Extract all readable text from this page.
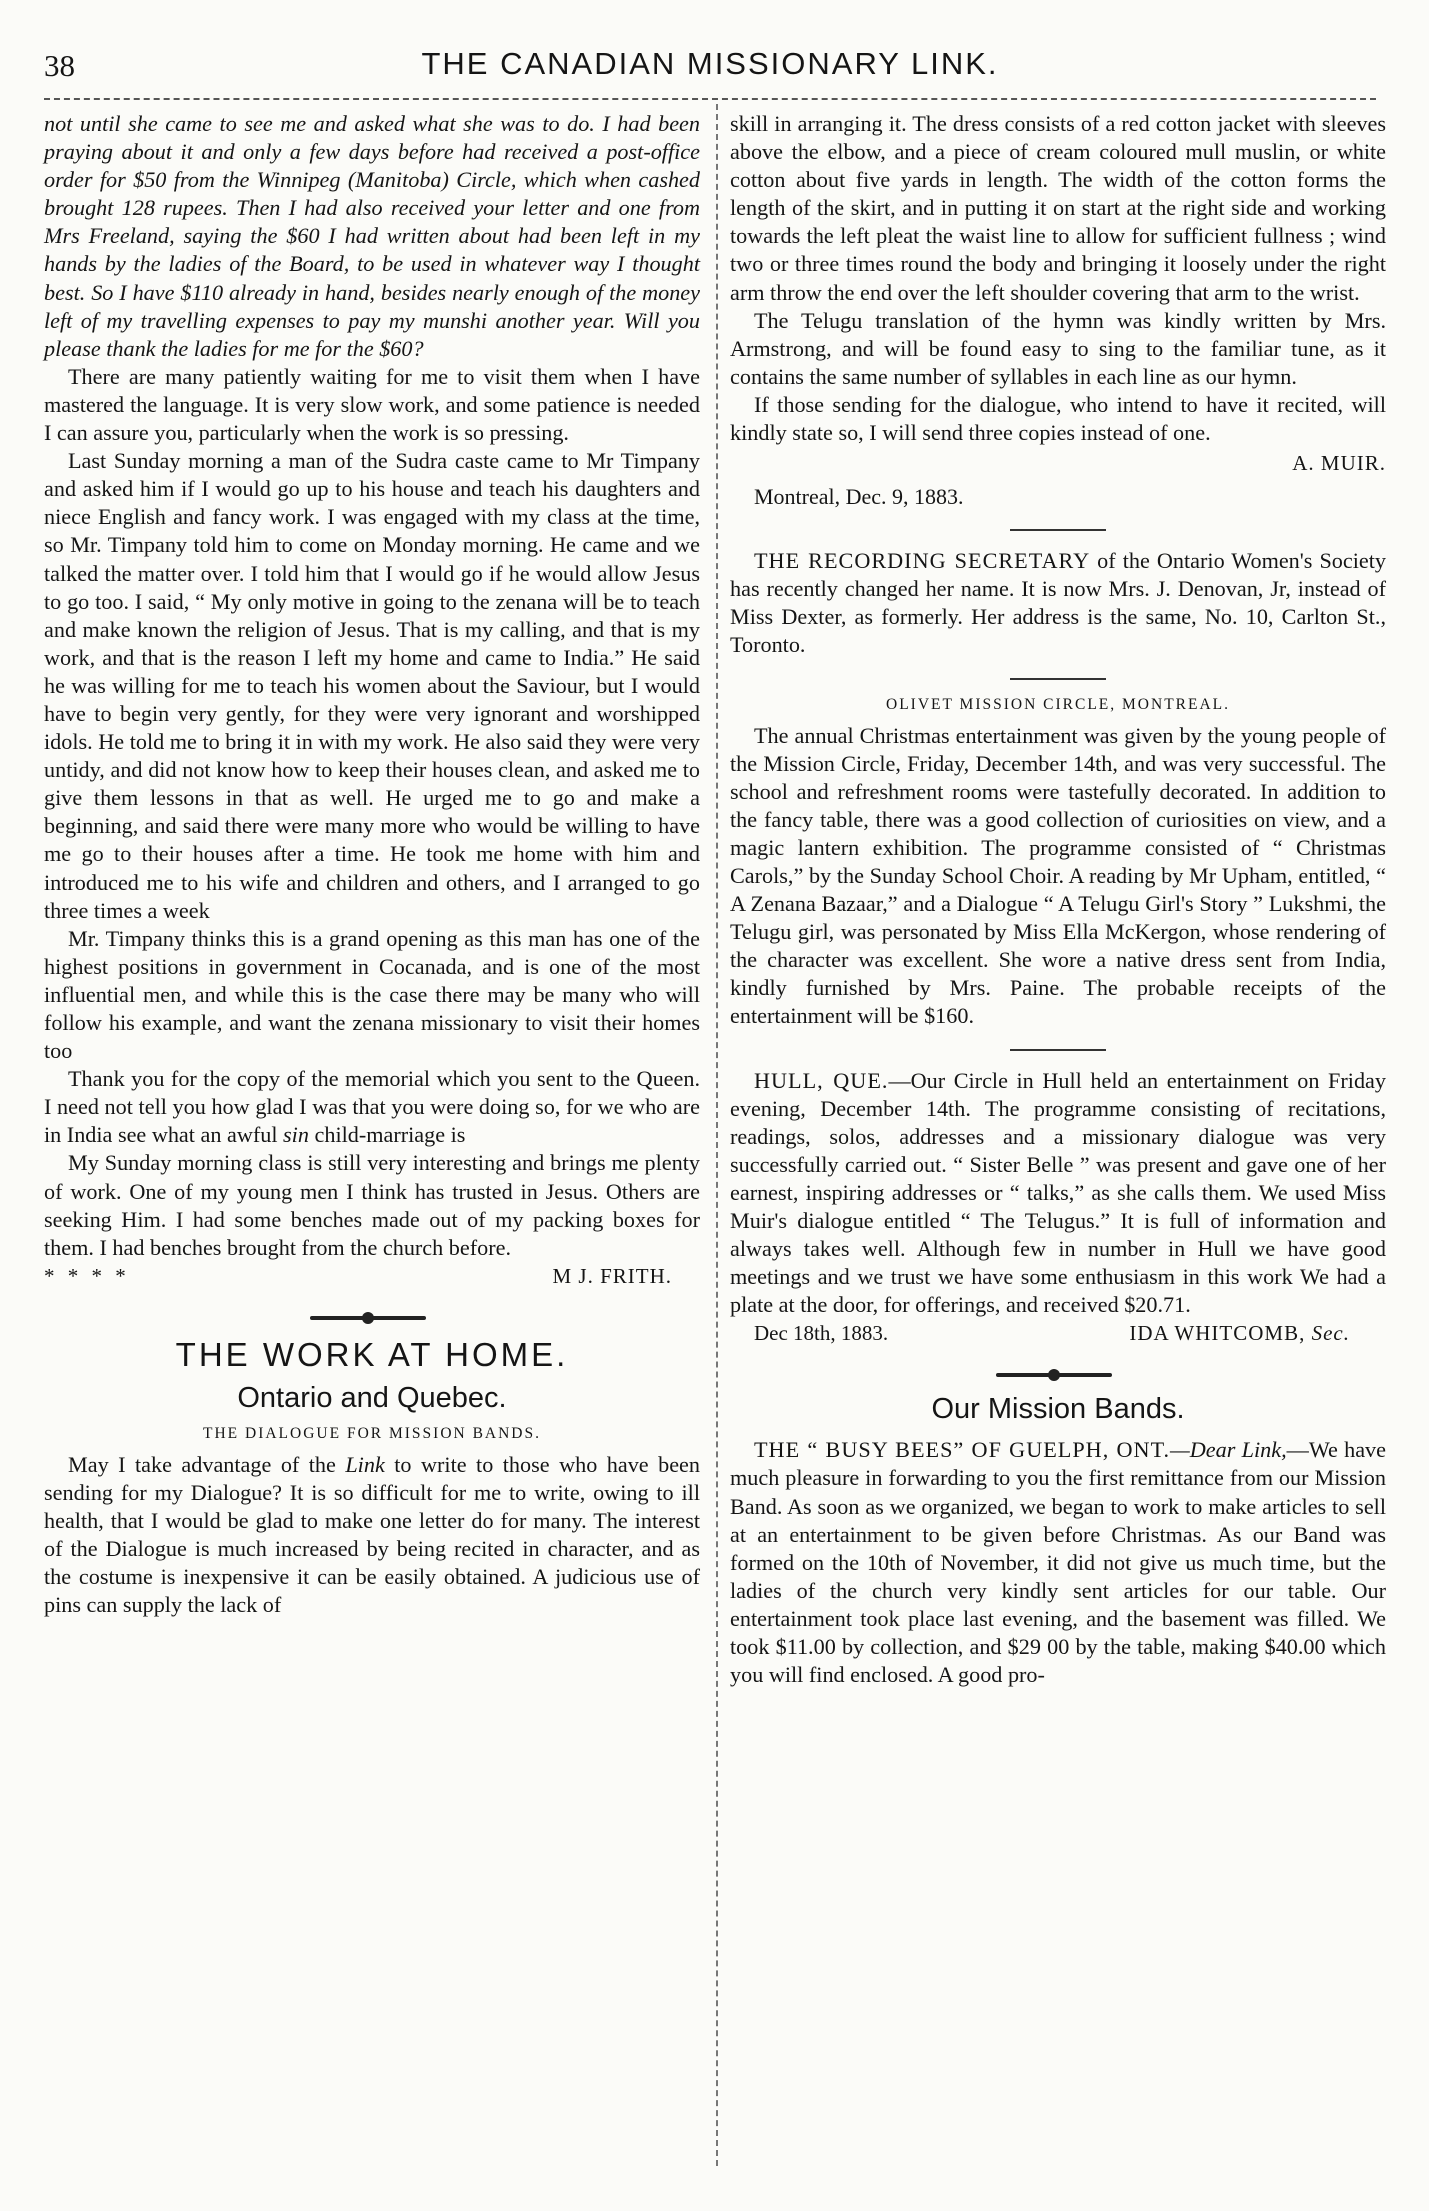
38	THE CANADIAN MISSIONARY LINK.

not until she came to see me and asked what she was to do. I had been praying about it and only a few days before had received a post-office order for $50 from the Winnipeg (Manitoba) Circle, which when cashed brought 128 rupees. Then I had also received your letter and one from Mrs Freeland, saying the $60 I had written about had been left in my hands by the ladies of the Board, to be used in whatever way I thought best. So I have $110 already in hand, besides nearly enough of the money left of my travelling expenses to pay my munshi another year. Will you please thank the ladies for me for the $60?

There are many patiently waiting for me to visit them when I have mastered the language. It is very slow work, and some patience is needed I can assure you, particularly when the work is so pressing.

Last Sunday morning a man of the Sudra caste came to Mr Timpany and asked him if I would go up to his house and teach his daughters and niece English and fancy work. I was engaged with my class at the time, so Mr. Timpany told him to come on Monday morning. He came and we talked the matter over. I told him that I would go if he would allow Jesus to go too. I said, “ My only motive in going to the zenana will be to teach and make known the religion of Jesus. That is my calling, and that is my work, and that is the reason I left my home and came to India.” He said he was willing for me to teach his women about the Saviour, but I would have to begin very gently, for they were very ignorant and worshipped idols. He told me to bring it in with my work. He also said they were very untidy, and did not know how to keep their houses clean, and asked me to give them lessons in that as well. He urged me to go and make a beginning, and said there were many more who would be willing to have me go to their houses after a time. He took me home with him and introduced me to his wife and children and others, and I arranged to go three times a week

Mr. Timpany thinks this is a grand opening as this man has one of the highest positions in government in Cocanada, and is one of the most influential men, and while this is the case there may be many who will follow his example, and want the zenana missionary to visit their homes too

Thank you for the copy of the memorial which you sent to the Queen. I need not tell you how glad I was that you were doing so, for we who are in India see what an awful sin child-marriage is

My Sunday morning class is still very interesting and brings me plenty of work. One of my young men I think has trusted in Jesus. Others are seeking Him. I had some benches made out of my packing boxes for them. I had benches brought from the church before.

* * * *	M J. FRITH.
THE WORK AT HOME.
Ontario and Quebec.
THE DIALOGUE FOR MISSION BANDS.

May I take advantage of the Link to write to those who have been sending for my Dialogue? It is so difficult for me to write, owing to ill health, that I would be glad to make one letter do for many. The interest of the Dialogue is much increased by being recited in character, and as the costume is inexpensive it can be easily obtained. A judicious use of pins can supply the lack of

skill in arranging it. The dress consists of a red cotton jacket with sleeves above the elbow, and a piece of cream coloured mull muslin, or white cotton about five yards in length. The width of the cotton forms the length of the skirt, and in putting it on start at the right side and working towards the left pleat the waist line to allow for sufficient fullness ; wind two or three times round the body and bringing it loosely under the right arm throw the end over the left shoulder covering that arm to the wrist.

The Telugu translation of the hymn was kindly written by Mrs. Armstrong, and will be found easy to sing to the familiar tune, as it contains the same number of syllables in each line as our hymn.

If those sending for the dialogue, who intend to have it recited, will kindly state so, I will send three copies instead of one.

A. MUIR.
Montreal, Dec. 9, 1883.

THE RECORDING SECRETARY of the Ontario Women's Society has recently changed her name. It is now Mrs. J. Denovan, Jr, instead of Miss Dexter, as formerly. Her address is the same, No. 10, Carlton St., Toronto.

OLIVET MISSION CIRCLE, MONTREAL.

The annual Christmas entertainment was given by the young people of the Mission Circle, Friday, December 14th, and was very successful. The school and refreshment rooms were tastefully decorated. In addition to the fancy table, there was a good collection of curiosities on view, and a magic lantern exhibition. The programme consisted of “ Christmas Carols,” by the Sunday School Choir. A reading by Mr Upham, entitled, “ A Zenana Bazaar,” and a Dialogue “ A Telugu Girl's Story ” Lukshmi, the Telugu girl, was personated by Miss Ella McKergon, whose rendering of the character was excellent. She wore a native dress sent from India, kindly furnished by Mrs. Paine. The probable receipts of the entertainment will be $160.

HULL, QUE.—Our Circle in Hull held an entertainment on Friday evening, December 14th. The programme consisting of recitations, readings, solos, addresses and a missionary dialogue was very successfully carried out. “ Sister Belle ” was present and gave one of her earnest, inspiring addresses or “ talks,” as she calls them. We used Miss Muir's dialogue entitled “ The Telugus.” It is full of information and always takes well. Although few in number in Hull we have good meetings and we trust we have some enthusiasm in this work We had a plate at the door, for offerings, and received $20.71.

Dec 18th, 1883.	IDA WHITCOMB, Sec.
Our Mission Bands.

THE “ BUSY BEES” OF GUELPH, ONT.—Dear Link,—We have much pleasure in forwarding to you the first remittance from our Mission Band. As soon as we organized, we began to work to make articles to sell at an entertainment to be given before Christmas. As our Band was formed on the 10th of November, it did not give us much time, but the ladies of the church very kindly sent articles for our table. Our entertainment took place last evening, and the basement was filled. We took $11.00 by collection, and $29 00 by the table, making $40.00 which you will find enclosed. A good pro-
